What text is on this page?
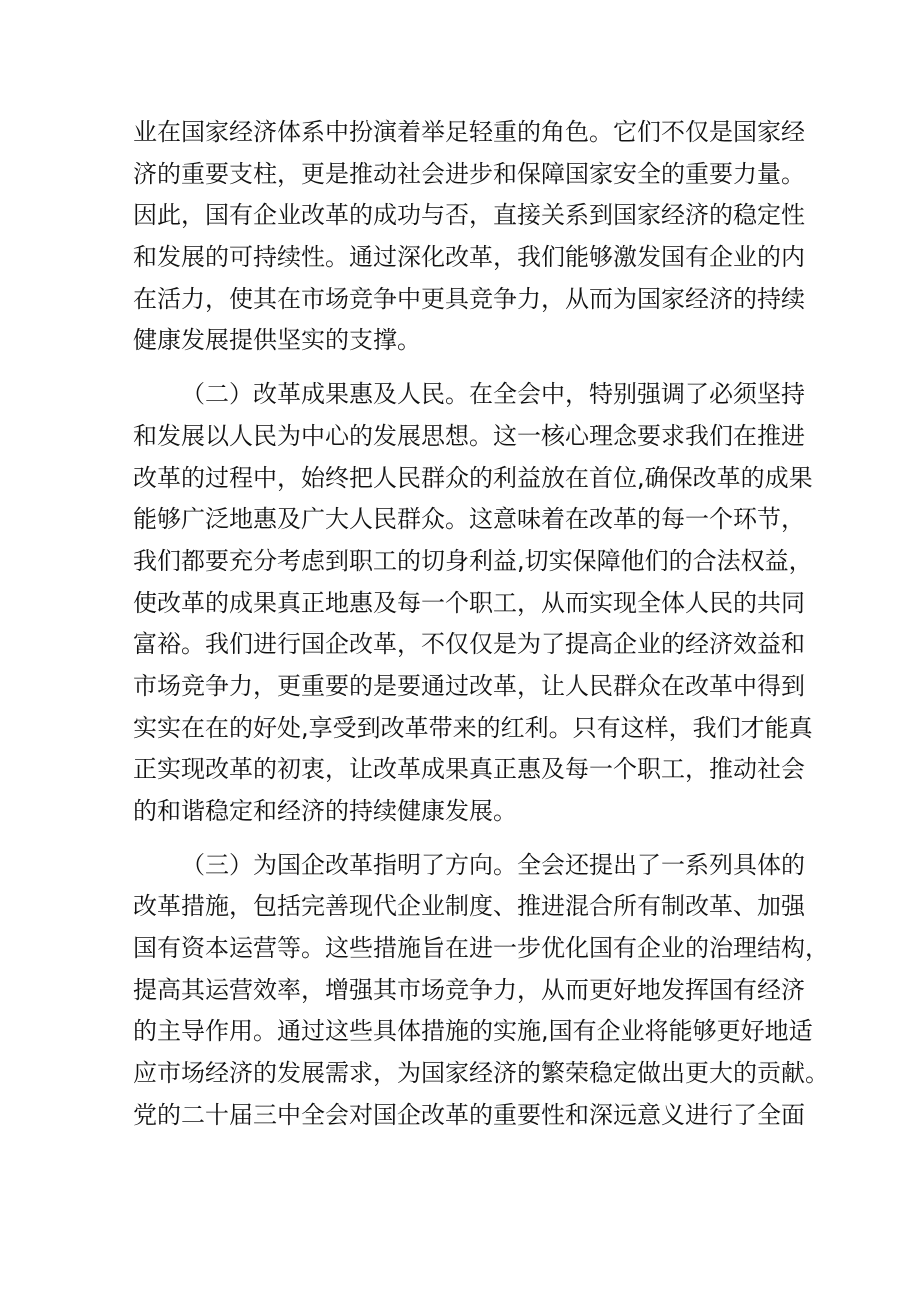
业在国家经济体系中扮演着举足轻重的角色。它们不仅是国家经
济的重要支柱，更是推动社会进步和保障国家安全的重要力量。
因此，国有企业改革的成功与否，直接关系到国家经济的稳定性
和发展的可持续性。通过深化改革，我们能够激发国有企业的内
在活力，使其在市场竞争中更具竞争力，从而为国家经济的持续
健康发展提供坚实的支撑。
（二）改革成果惠及人民。在全会中，特别强调了必须坚持
和发展以人民为中心的发展思想。这一核心理念要求我们在推进
改革的过程中，始终把人民群众的利益放在首位,确保改革的成果
能够广泛地惠及广大人民群众。这意味着在改革的每一个环节，
我们都要充分考虑到职工的切身利益,切实保障他们的合法权益，
使改革的成果真正地惠及每一个职工，从而实现全体人民的共同
富裕。我们进行国企改革，不仅仅是为了提高企业的经济效益和
市场竞争力，更重要的是要通过改革，让人民群众在改革中得到
实实在在的好处,享受到改革带来的红利。只有这样，我们才能真
正实现改革的初衷，让改革成果真正惠及每一个职工，推动社会
的和谐稳定和经济的持续健康发展。
（三）为国企改革指明了方向。全会还提出了一系列具体的
改革措施，包括完善现代企业制度、推进混合所有制改革、加强
国有资本运营等。这些措施旨在进一步优化国有企业的治理结构，
提高其运营效率，增强其市场竞争力，从而更好地发挥国有经济
的主导作用。通过这些具体措施的实施,国有企业将能够更好地适
应市场经济的发展需求，为国家经济的繁荣稳定做出更大的贡献。
党的二十届三中全会对国企改革的重要性和深远意义进行了全面
